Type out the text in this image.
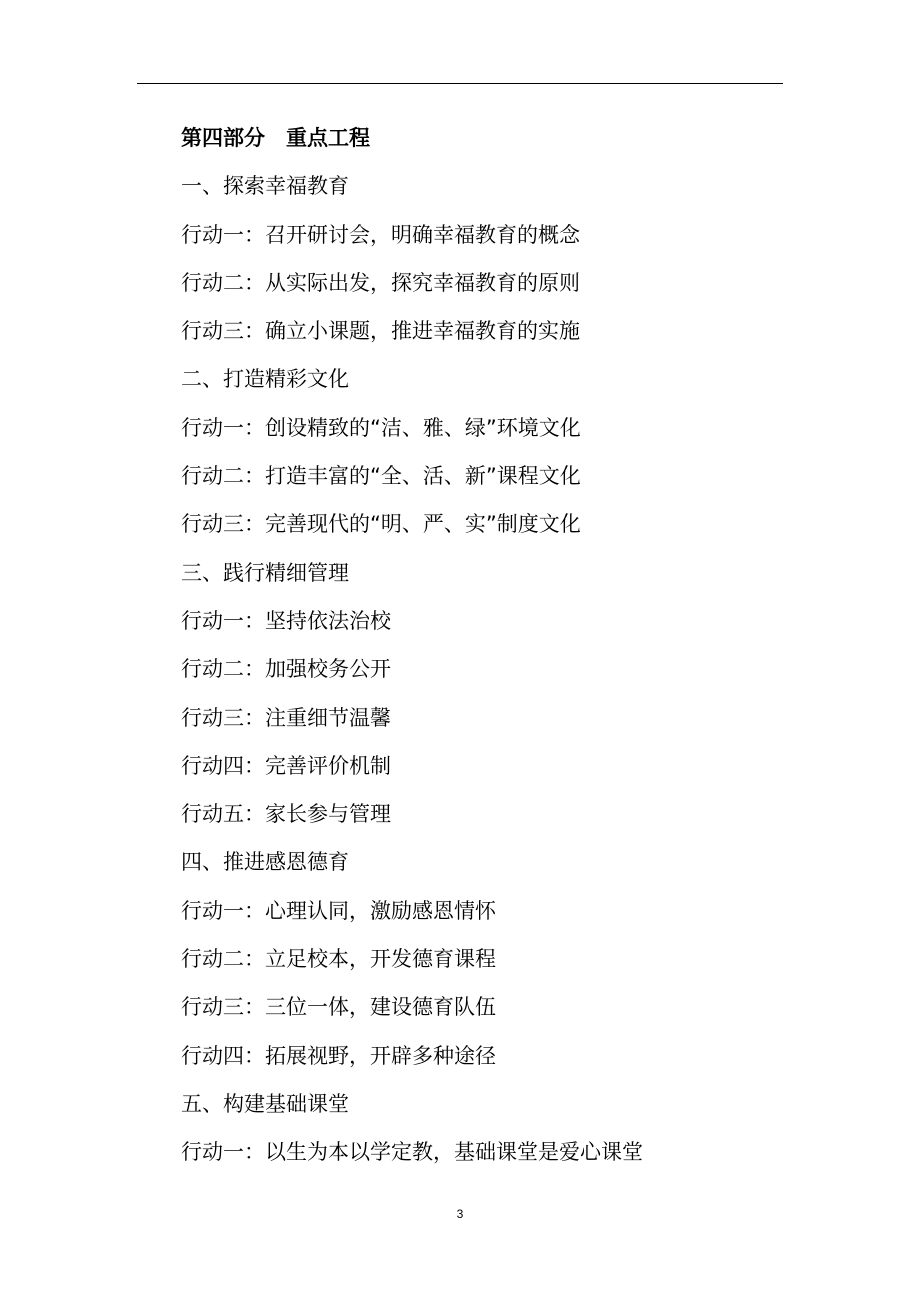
第四部分　重点工程
一、探索幸福教育
行动一：召开研讨会，明确幸福教育的概念
行动二：从实际出发，探究幸福教育的原则
行动三：确立小课题，推进幸福教育的实施
二、打造精彩文化
行动一：创设精致的“洁、雅、绿”环境文化
行动二：打造丰富的“全、活、新”课程文化
行动三：完善现代的“明、严、实”制度文化
三、践行精细管理
行动一：坚持依法治校
行动二：加强校务公开
行动三：注重细节温馨
行动四：完善评价机制
行动五：家长参与管理
四、推进感恩德育
行动一：心理认同，激励感恩情怀
行动二：立足校本，开发德育课程
行动三：三位一体，建设德育队伍
行动四：拓展视野，开辟多种途径
五、构建基础课堂
行动一：以生为本以学定教，基础课堂是爱心课堂
3
